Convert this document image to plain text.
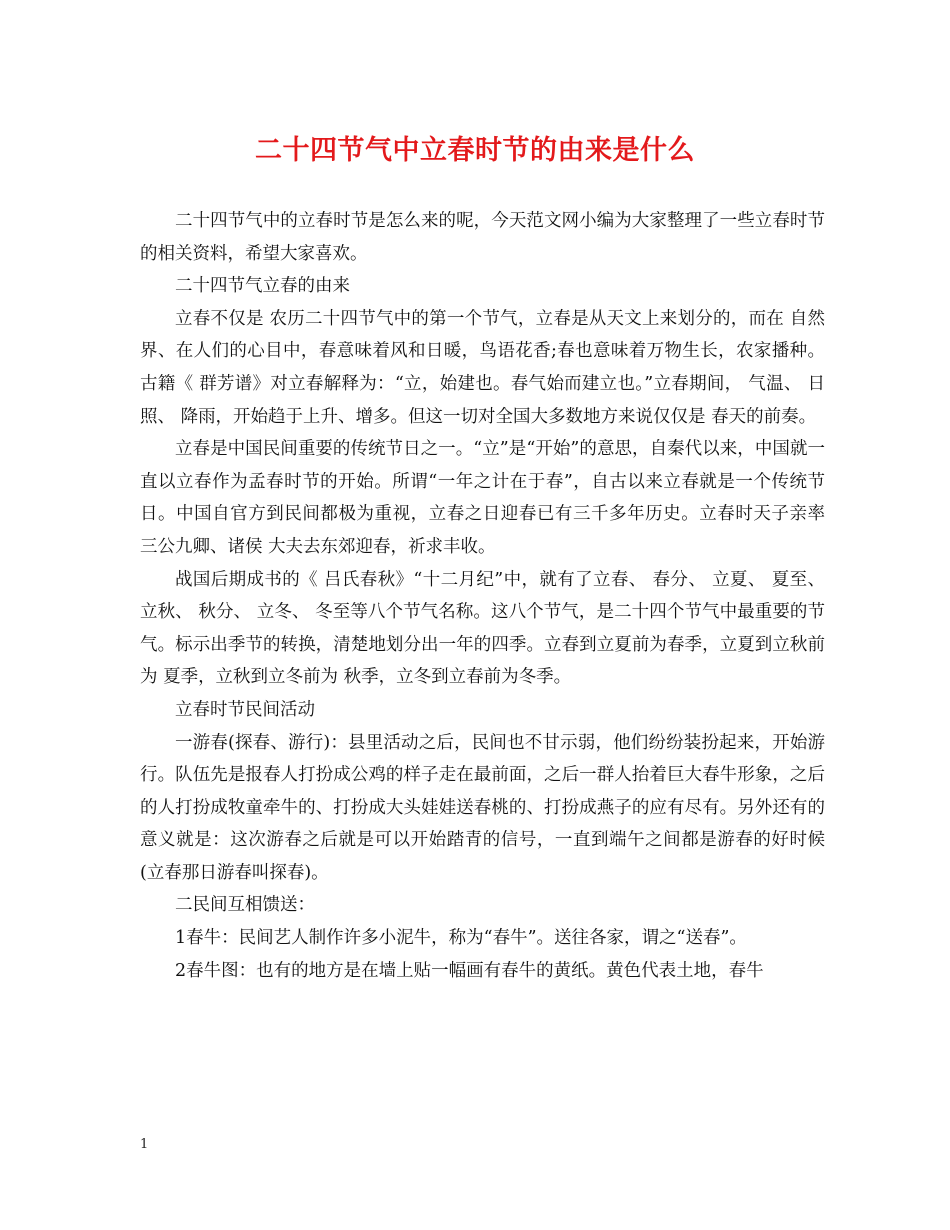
二十四节气中立春时节的由来是什么

二十四节气中的立春时节是怎么来的呢，今天范文网小编为大家整理了一些立春时节的相关资料，希望大家喜欢。

二十四节气立春的由来

立春不仅是 农历二十四节气中的第一个节气，立春是从天文上来划分的，而在 自然界、在人们的心目中，春意味着风和日暖，鸟语花香;春也意味着万物生长，农家播种。古籍《 群芳谱》对立春解释为：“立，始建也。春气始而建立也。”立春期间， 气温、 日照、 降雨，开始趋于上升、增多。但这一切对全国大多数地方来说仅仅是 春天的前奏。

立春是中国民间重要的传统节日之一。“立”是“开始”的意思，自秦代以来，中国就一直以立春作为孟春时节的开始。所谓“一年之计在于春”，自古以来立春就是一个传统节日。中国自官方到民间都极为重视，立春之日迎春已有三千多年历史。立春时天子亲率 三公九卿、诸侯 大夫去东郊迎春，祈求丰收。

战国后期成书的《 吕氏春秋》“十二月纪”中，就有了立春、 春分、 立夏、 夏至、 立秋、 秋分、 立冬、 冬至等八个节气名称。这八个节气，是二十四个节气中最重要的节气。标示出季节的转换，清楚地划分出一年的四季。立春到立夏前为春季，立夏到立秋前为 夏季，立秋到立冬前为 秋季，立冬到立春前为冬季。

立春时节民间活动

一游春(探春、游行)：县里活动之后，民间也不甘示弱，他们纷纷装扮起来，开始游行。队伍先是报春人打扮成公鸡的样子走在最前面，之后一群人抬着巨大春牛形象，之后的人打扮成牧童牵牛的、打扮成大头娃娃送春桃的、打扮成燕子的应有尽有。另外还有的意义就是：这次游春之后就是可以开始踏青的信号，一直到端午之间都是游春的好时候(立春那日游春叫探春)。

二民间互相馈送：

1春牛：民间艺人制作许多小泥牛，称为“春牛”。送往各家，谓之“送春”。

2春牛图：也有的地方是在墙上贴一幅画有春牛的黄纸。黄色代表土地，春牛

1
